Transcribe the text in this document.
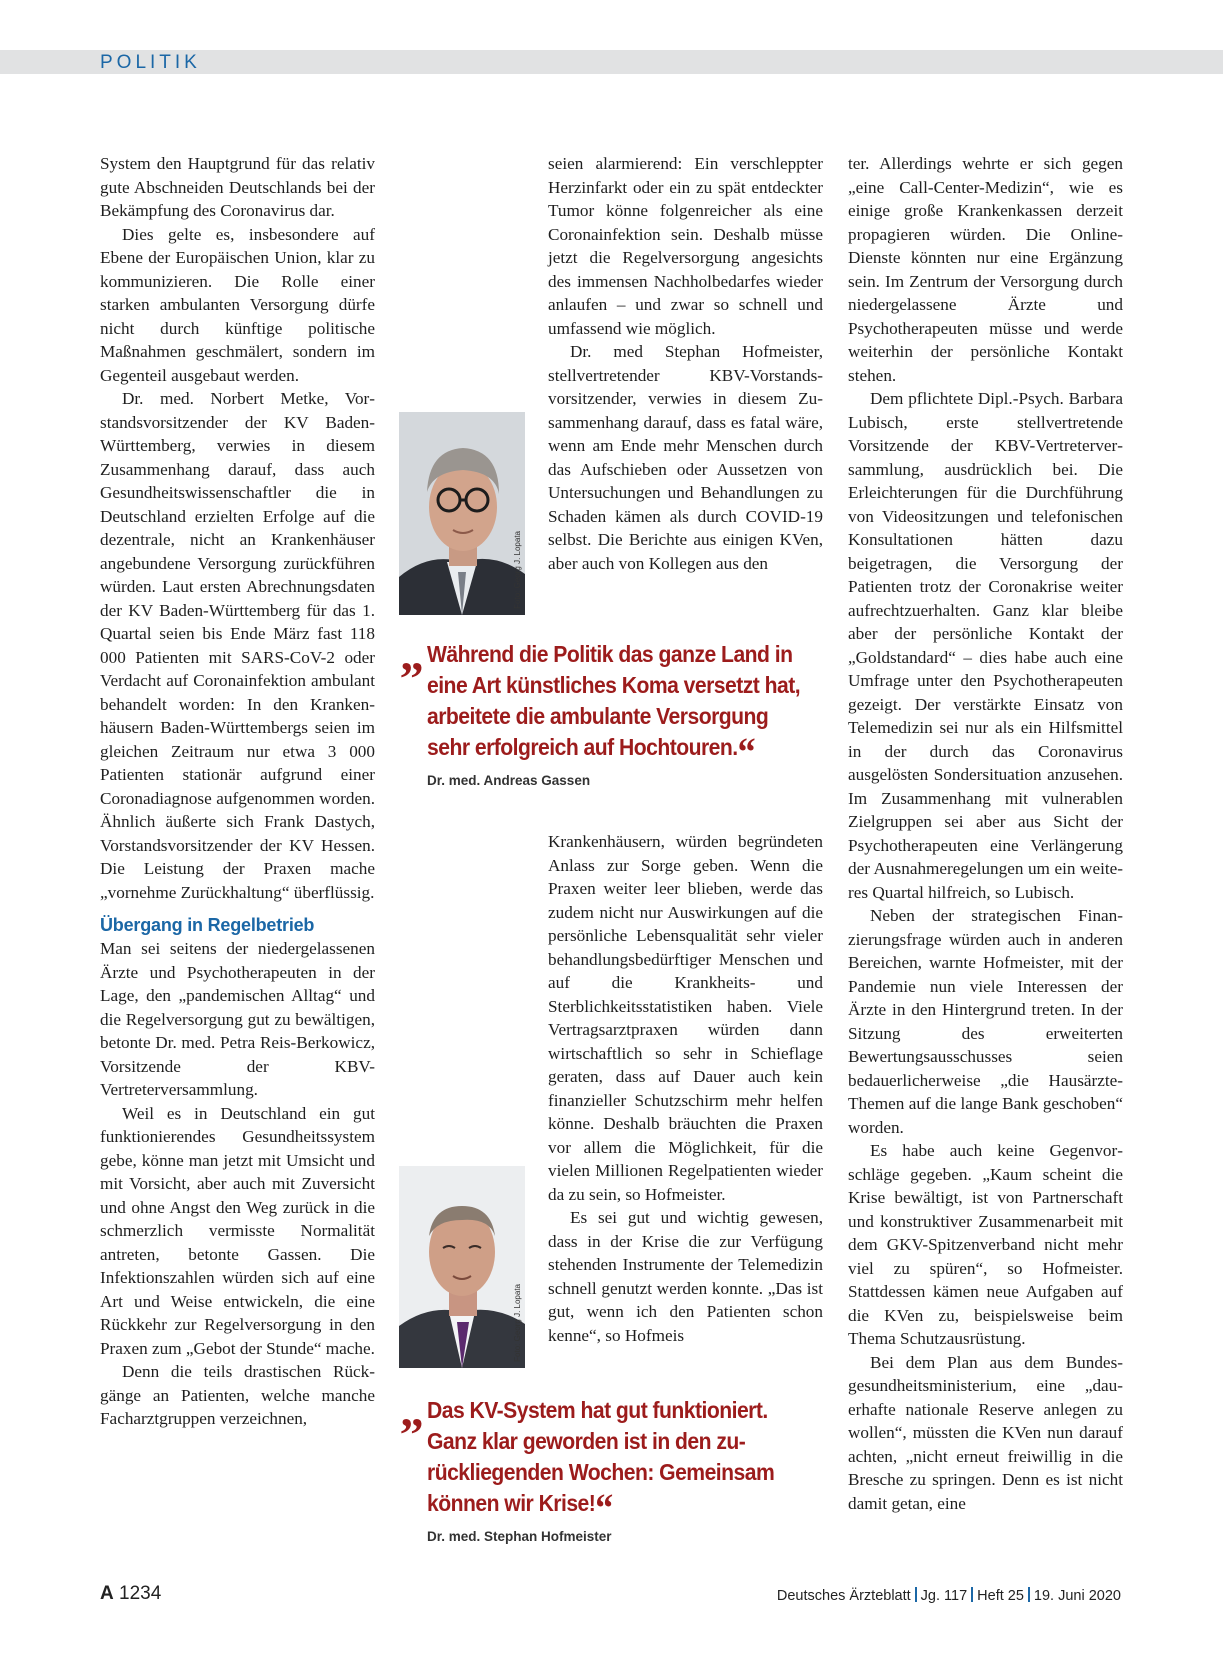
POLITIK

System den Hauptgrund für das relativ gute Abschneiden Deutschlands bei der Bekämpfung des Coronavirus dar.

Dies gelte es, insbesondere auf Ebene der Europäischen Union, klar zu kommunizieren. Die Rolle einer starken ambulanten Versorgung dürfe nicht durch künftige politische Maßnahmen geschmälert, sondern im Gegenteil ausgebaut werden.

Dr. med. Norbert Metke, Vorstandsvorsitzender der KV Baden-Württemberg, verwies in diesem Zusammenhang darauf, dass auch Gesundheitswissenschaftler die in Deutschland erzielten Erfolge auf die dezentrale, nicht an Krankenhäuser angebundene Versorgung zurückführen würden. Laut ersten Abrechnungsdaten der KV Baden-Württemberg für das 1. Quartal seien bis Ende März fast 118 000 Patienten mit SARS-CoV-2 oder Verdacht auf Coronainfektion ambulant behandelt worden: In den Krankenhäusern Baden-Württembergs seien im gleichen Zeitraum nur etwa 3 000 Patienten stationär aufgrund einer Coronadiagnose aufgenommen worden. Ähnlich äußerte sich Frank Dastych, Vorstandsvorsitzender der KV Hessen. Die Leistung der Praxen mache „vornehme Zurückhaltung“ überflüssig.

Übergang in Regelbetrieb

Man sei seitens der niedergelassenen Ärzte und Psychotherapeuten in der Lage, den „pandemischen Alltag“ und die Regelversorgung gut zu bewältigen, betonte Dr. med. Petra Reis-Berkowicz, Vorsitzende der KBV-Vertreterversammlung.

Weil es in Deutschland ein gut funktionierendes Gesundheitssystem gebe, könne man jetzt mit Umsicht und mit Vorsicht, aber auch mit Zuversicht und ohne Angst den Weg zurück in die schmerzlich vermisste Normalität antreten, betonte Gassen. Die Infektionszahlen würden sich auf eine Art und Weise entwickeln, die eine Rückkehr zur Regelversorgung in den Praxen zum „Gebot der Stunde“ mache.

Denn die teils drastischen Rückgänge an Patienten, welche manche Facharztgruppen verzeichnen,

seien alarmierend: Ein verschleppter Herzinfarkt oder ein zu spät entdeckter Tumor könne folgenreicher als eine Coronainfektion sein. Deshalb müsse jetzt die Regelversorgung angesichts des immensen Nachholbedarfes wieder anlaufen – und zwar so schnell und umfassend wie möglich.

Dr. med Stephan Hofmeister, stellvertretender KBV-Vorstandsvorsitzender, verwies in diesem Zusammenhang darauf, dass es fatal wäre, wenn am Ende mehr Menschen durch das Aufschieben oder Aussetzen von Untersuchungen und Behandlungen zu Schaden kämen als durch COVID-19 selbst. Die Berichte aus einigen KVen, aber auch von Kollegen aus den

Krankenhäusern, würden begründeten Anlass zur Sorge geben. Wenn die Praxen weiter leer blieben, werde das zudem nicht nur Auswirkungen auf die persönliche Lebensqualität sehr vieler behandlungsbedürftiger Menschen und auf die Krankheits- und Sterblichkeitsstatistiken haben. Viele Vertragsarztpraxen würden dann wirtschaftlich so sehr in Schieflage geraten, dass auf Dauer auch kein finanzieller Schutzschirm mehr helfen könne. Deshalb bräuchten die Praxen vor allem die Möglichkeit, für die vielen Millionen Regelpatienten wieder da zu sein, so Hofmeister.

Es sei gut und wichtig gewesen, dass in der Krise die zur Verfügung stehenden Instrumente der Telemedizin schnell genutzt werden konnte. „Das ist gut, wenn ich den Patienten schon kenne“, so Hofmeis

ter. Allerdings wehrte er sich gegen „eine Call-Center-Medizin“, wie es einige große Krankenkassen derzeit propagieren würden. Die Online-Dienste könnten nur eine Ergänzung sein. Im Zentrum der Versorgung durch niedergelassene Ärzte und Psychotherapeuten müsse und werde weiterhin der persönliche Kontakt stehen.

Dem pflichtete Dipl.-Psych. Barbara Lubisch, erste stellvertretende Vorsitzende der KBV-Vertreterversammlung, ausdrücklich bei. Die Erleichterungen für die Durchführung von Videositzungen und telefonischen Konsultationen hätten dazu beigetragen, die Versorgung der Patienten trotz der Coronakrise weiter aufrechtzuerhalten. Ganz klar bleibe aber der persönliche Kontakt der „Goldstandard“ – dies habe auch eine Umfrage unter den Psychotherapeuten gezeigt. Der verstärkte Einsatz von Telemedizin sei nur als ein Hilfsmittel in der durch das Coronavirus ausgelösten Sondersituation anzusehen. Im Zusammenhang mit vulnerablen Zielgruppen sei aber aus Sicht der Psychotherapeuten eine Verlängerung der Ausnahmeregelungen um ein weiteres Quartal hilfreich, so Lubisch.

Neben der strategischen Finanzierungsfrage würden auch in anderen Bereichen, warnte Hofmeister, mit der Pandemie nun viele Interessen der Ärzte in den Hintergrund treten. In der Sitzung des erweiterten Bewertungsausschusses seien bedauerlicherweise „die Hausärzte-Themen auf die lange Bank geschoben“ worden.

Es habe auch keine Gegenvorschläge gegeben. „Kaum scheint die Krise bewältigt, ist von Partnerschaft und konstruktiver Zusammenarbeit mit dem GKV-Spitzenverband nicht mehr viel zu spüren“, so Hofmeister. Stattdessen kämen neue Aufgaben auf die KVen zu, beispielsweise beim Thema Schutzausrüstung.

Bei dem Plan aus dem Bundesgesundheitsministerium, eine „dauerhafte nationale Reserve anlegen zu wollen“, müssten die KVen nun darauf achten, „nicht erneut freiwillig in die Bresche zu springen. Denn es ist nicht damit getan, eine

Foto: Georg J. Lopata
„ Während die Politik das ganze Land in eine Art künstliches Koma versetzt hat, arbeitete die ambulante Versorgung sehr erfolgreich auf Hochtouren.“
Dr. med. Andreas Gassen
Foto: Georg J. Lopata
„ Das KV-System hat gut funktioniert. Ganz klar geworden ist in den zurückliegenden Wochen: Gemeinsam können wir Krise!“
Dr. med. Stephan Hofmeister
A 1234	Deutsches Ärzteblatt Jg. 117 Heft 25 19. Juni 2020
